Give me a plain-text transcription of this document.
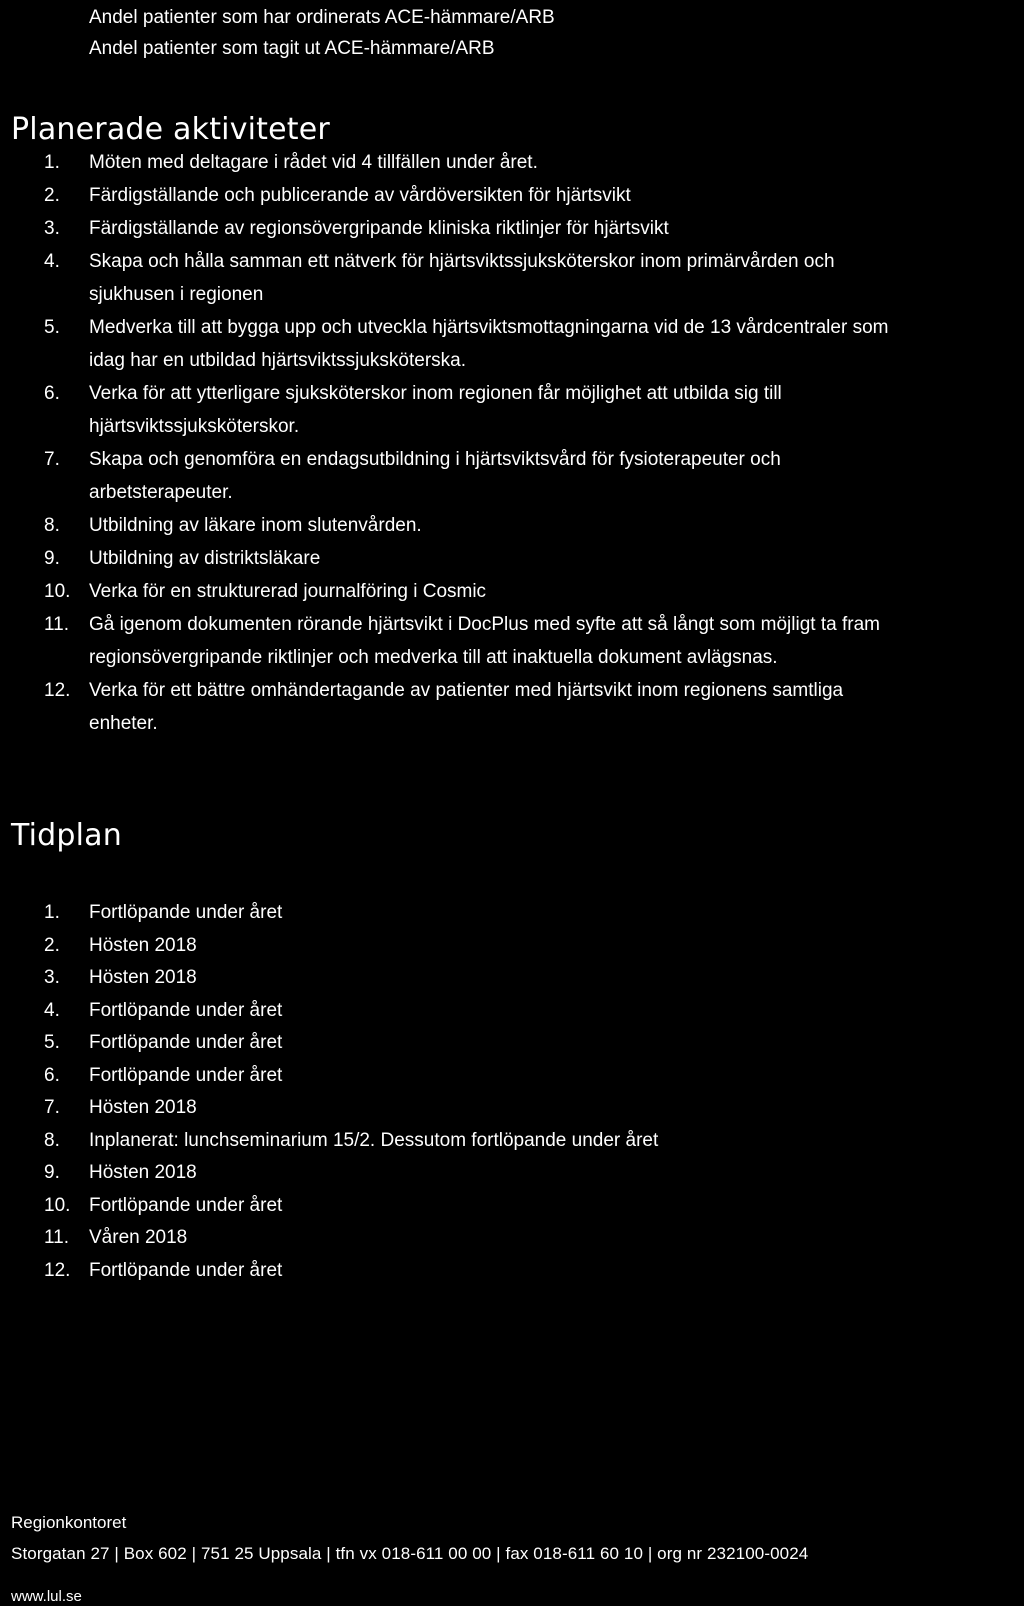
Andel patienter som har ordinerats ACE-hämmare/ARB
Andel patienter som tagit ut ACE-hämmare/ARB
Planerade aktiviteter
1.	Möten med deltagare i rådet vid 4 tillfällen under året.
2.	Färdigställande och publicerande av vårdöversikten för hjärtsvikt
3.	Färdigställande av regionsövergripande kliniska riktlinjer för hjärtsvikt
4.	Skapa och hålla samman ett nätverk för hjärtsviktssjuksköterskor inom primärvården och
sjukhusen i regionen
5.	Medverka till att bygga upp och utveckla hjärtsviktsmottagningarna vid de 13 vårdcentraler som
idag har en utbildad hjärtsviktssjuksköterska.
6.	Verka för att ytterligare sjuksköterskor inom regionen får möjlighet att utbilda sig till
hjärtsviktssjuksköterskor.
7.	Skapa och genomföra en endagsutbildning i hjärtsviktsvård för fysioterapeuter och
arbetsterapeuter.
8.	Utbildning av läkare inom slutenvården.
9.	Utbildning av distriktsläkare
10. Verka för en strukturerad journalföring i Cosmic
11.	Gå igenom dokumenten rörande hjärtsvikt i DocPlus med syfte att så långt som möjligt ta fram
regionsövergripande riktlinjer och medverka till att inaktuella dokument avlägsnas.
12. Verka för ett bättre omhändertagande av patienter med hjärtsvikt inom regionens samtliga
enheter.
Tidplan
1.	Fortlöpande under året
2.	Hösten 2018
3.	Hösten 2018
4.	Fortlöpande under året
5.	Fortlöpande under året
6.	Fortlöpande under året
7.	Hösten 2018
8.	Inplanerat: lunchseminarium 15/2. Dessutom fortlöpande under året
9.	Hösten 2018
10. Fortlöpande under året
11.	Våren 2018
12. Fortlöpande under året
Regionkontoret
Storgatan 27 | Box 602 | 751 25 Uppsala | tfn vx 018-611 00 00 | fax 018-611 60 10 | org nr 232100-0024
www.lul.se
